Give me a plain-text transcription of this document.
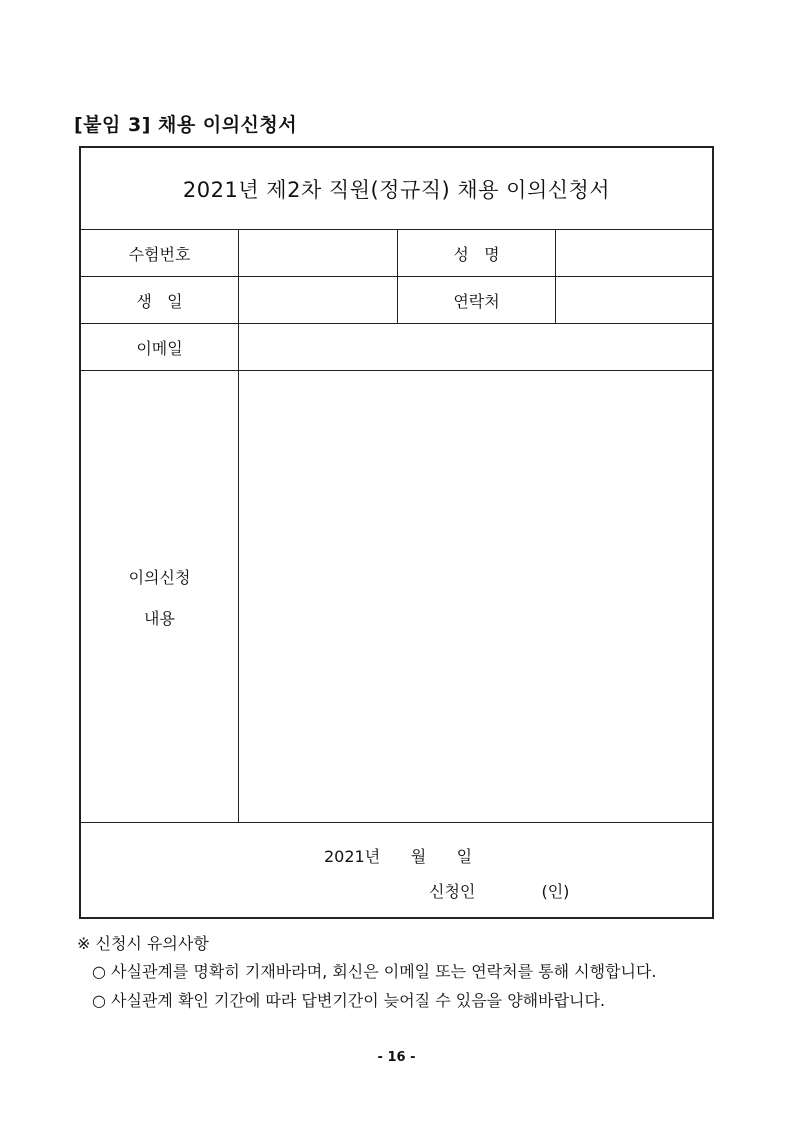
[붙임 3] 채용 이의신청서
2021년 제2차 직원(정규직) 채용 이의신청서
수험번호	성   명
생   일	연락처
이메일
이의신청
내용
2021년      월      일
신청인             (인)
※ 신청시 유의사항
○ 사실관계를 명확히 기재바라며, 회신은 이메일 또는 연락처를 통해 시행합니다.
○ 사실관계 확인 기간에 따라 답변기간이 늦어질 수 있음을 양해바랍니다.
- 16 -
